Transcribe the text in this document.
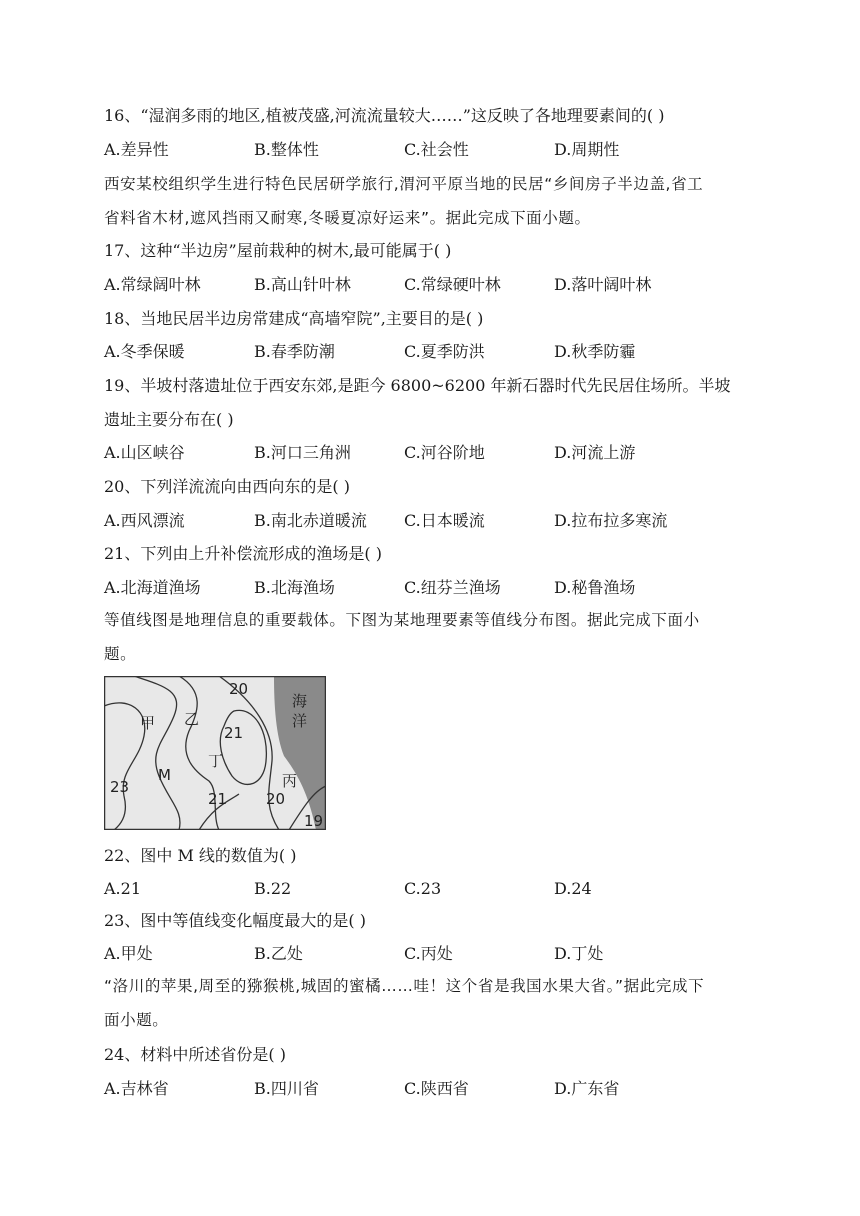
16、“湿润多雨的地区,植被茂盛,河流流量较大……”这反映了各地理要素间的( )
A.差异性	B.整体性	C.社会性	D.周期性
西安某校组织学生进行特色民居研学旅行,渭河平原当地的民居“乡间房子半边盖,省工
省料省木材,遮风挡雨又耐寒,冬暖夏凉好运来”。据此完成下面小题。
17、这种“半边房”屋前栽种的树木,最可能属于( )
A.常绿阔叶林	B.高山针叶林	C.常绿硬叶林	D.落叶阔叶林
18、当地民居半边房常建成“高墙窄院”,主要目的是( )
A.冬季保暖	B.春季防潮	C.夏季防洪	D.秋季防霾
19、半坡村落遗址位于西安东郊,是距今 6800~6200 年新石器时代先民居住场所。半坡
遗址主要分布在( )
A.山区峡谷	B.河口三角洲	C.河谷阶地	D.河流上游
20、下列洋流流向由西向东的是( )
A.西风漂流	B.南北赤道暖流 C.日本暖流	D.拉布拉多寒流
21、下列由上升补偿流形成的渔场是( )
A.北海道渔场	B.北海渔场	C.纽芬兰渔场	D.秘鲁渔场
等值线图是地理信息的重要载体。下图为某地理要素等值线分布图。据此完成下面小
题。
海
洋
甲 乙
丁
丙
M
20
21
21	20
23
19
22、图中 M 线的数值为( )
A.21	B.22	C.23	D.24
23、图中等值线变化幅度最大的是( )
A.甲处	B.乙处	C.丙处	D.丁处
“洛川的苹果,周至的猕猴桃,城固的蜜橘……哇！这个省是我国水果大省。”据此完成下
面小题。
24、材料中所述省份是( )
A.吉林省	B.四川省	C.陕西省	D.广东省
